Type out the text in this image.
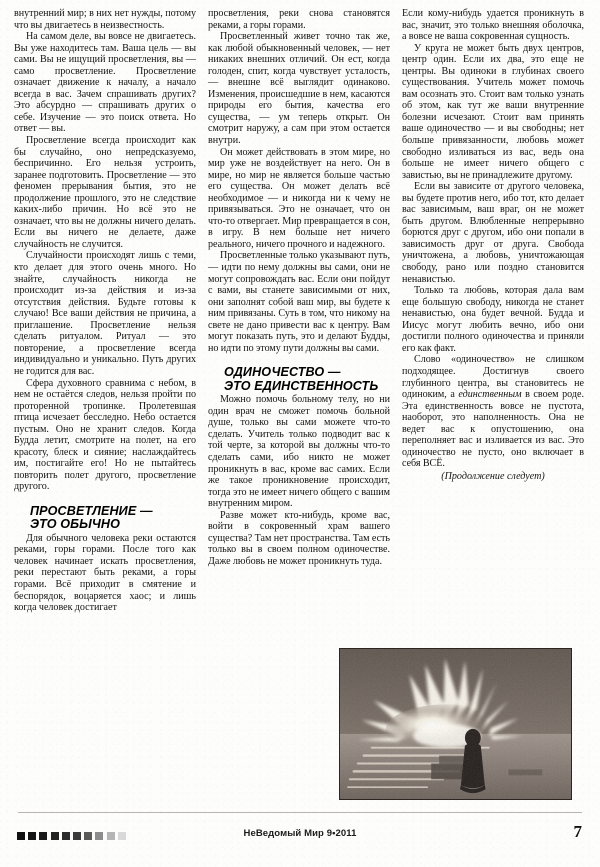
внутренний мир; в них нет нужды, потому что вы двигаетесь в неизвестность.

На самом деле, вы вовсе не двигаетесь. Вы уже находитесь там. Ваша цель — вы сами. Вы не ищущий просветления, вы — само просветление. Просветление означает движение к началу, а начало всегда в вас. Зачем спрашивать других? Это абсурдно — спрашивать других о себе. Изучение — это поиск ответа. Но ответ — вы.

Просветление всегда происходит как бы случайно, оно непредсказуемо, беспричинно. Его нельзя устроить, заранее подготовить. Просветление — это феномен прерывания бытия, это не продолжение прошлого, это не следствие каких-либо причин. Но всё это не означает, что вы не должны ничего делать. Если вы ничего не делаете, даже случайность не случится.

Случайности происходят лишь с теми, кто делает для этого очень много. Но знайте, случайность никогда не происходит из-за действия и из-за отсутствия действия. Будьте готовы к случаю! Все ваши действия не причина, а приглашение. Просветление нельзя сделать ритуалом. Ритуал — это повторение, а просветление всегда индивидуально и уникально. Путь других не годится для вас.

Сфера духовного сравнима с небом, в нем не остаётся следов, нельзя пройти по проторенной тропинке. Пролетевшая птица исчезает бесследно. Небо остается пустым. Оно не хранит следов. Когда Будда летит, смотрите на полет, на его красоту, блеск и сияние; наслаждайтесь им, постигайте его! Но не пытайтесь повторить полет другого, просветление другого.

ПРОСВЕТЛЕНИЕ —
ЭТО ОБЫЧНО

Для обычного человека реки остаются реками, горы горами. После того как человек начинает искать просветления, реки перестают быть реками, а горы горами. Всё приходит в смятение и беспорядок, воцаряется хаос; и лишь когда человек достигает

просветления, реки снова становятся реками, а горы горами.

Просветленный живет точно так же, как любой обыкновенный человек, — нет никаких внешних отличий. Он ест, когда голоден, спит, когда чувствует усталость, — внешне всё выглядит одинаково. Изменения, происшедшие в нем, касаются природы его бытия, качества его существа, — ум теперь открыт. Он смотрит наружу, а сам при этом остается внутри.

Он может действовать в этом мире, но мир уже не воздействует на него. Он в мире, но мир не является больше частью его существа. Он может делать всё необходимое — и никогда ни к чему не привязываться. Это не означает, что он что-то отвергает. Мир превращается в сон, в игру. В нем больше нет ничего реального, ничего прочного и надежного.

Просветленные только указывают путь, — идти по нему должны вы сами, они не могут сопровождать вас. Если они пойдут с вами, вы станете зависимыми от них, они заполнят собой ваш мир, вы будете к ним привязаны. Суть в том, что никому на свете не дано привести вас к центру. Вам могут показать путь, это и делают Будды, но идти по этому пути должны вы сами.

ОДИНОЧЕСТВО —
ЭТО ЕДИНСТВЕННОСТЬ

Можно помочь больному телу, но ни один врач не сможет помочь больной душе, только вы сами можете что-то сделать. Учитель только подводит вас к той черте, за которой вы должны что-то сделать сами, ибо никто не может проникнуть в вас, кроме вас самих. Если же такое проникновение происходит, тогда это не имеет ничего общего с вашим внутренним миром.

Разве может кто-нибудь, кроме вас, войти в сокровенный храм вашего существа? Там нет пространства. Там есть только вы в своем полном одиночестве. Даже любовь не может проникнуть туда.

Если кому-нибудь удается проникнуть в вас, значит, это только внешняя оболочка, а вовсе не ваша сокровенная сущность.

У круга не может быть двух центров, центр один. Если их два, это еще не центры. Вы одиноки в глубинах своего существования. Учитель может помочь вам осознать это. Стоит вам только узнать об этом, как тут же ваши внутренние болезни исчезают. Стоит вам принять ваше одиночество — и вы свободны; нет больше привязанности, любовь может свободно изливаться из вас, ведь она больше не имеет ничего общего с завистью, вы не принадлежите другому.

Если вы зависите от другого человека, вы будете против него, ибо тот, кто делает вас зависимым, ваш враг, он не может быть другом. Влюбленные непрерывно борются друг с другом, ибо они попали в зависимость друг от друга. Свобода уничтожена, а любовь, уничтожающая свободу, рано или поздно становится ненавистью.

Только та любовь, которая дала вам еще большую свободу, никогда не станет ненавистью, она будет вечной. Будда и Иисус могут любить вечно, ибо они достигли полного одиночества и приняли его как факт.

Слово «одиночество» не слишком подходящее. Достигнув своего глубинного центра, вы становитесь не одиноким, а единственным в своем роде. Эта единственность вовсе не пустота, наоборот, это наполненность. Она не ведет вас к опустошению, она переполняет вас и изливается из вас. Это одиночество не пусто, оно включает в себя ВСЁ.

(Продолжение следует)

НеВедомый Мир 9•2011	7
